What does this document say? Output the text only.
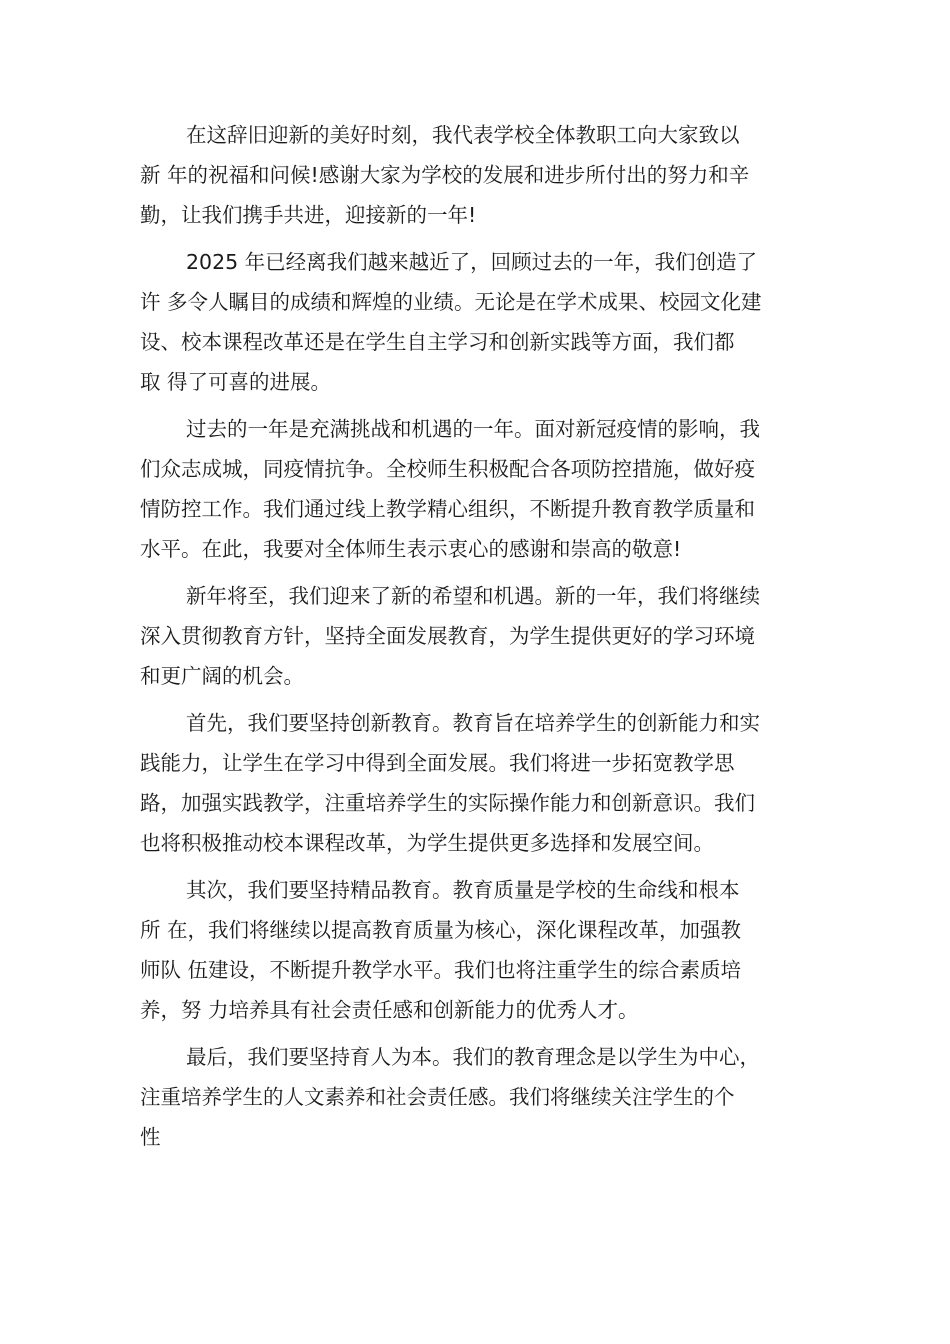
在这辞旧迎新的美好时刻，我代表学校全体教职工向大家致以
新 年的祝福和问候!感谢大家为学校的发展和进步所付出的努力和辛
勤，让我们携手共进，迎接新的一年!
2025 年已经离我们越来越近了，回顾过去的一年，我们创造了
许 多令人瞩目的成绩和辉煌的业绩。无论是在学术成果、校园文化建
设、校本课程改革还是在学生自主学习和创新实践等方面，我们都
取 得了可喜的进展。
过去的一年是充满挑战和机遇的一年。面对新冠疫情的影响，我
们众志成城，同疫情抗争。全校师生积极配合各项防控措施，做好疫
情防控工作。我们通过线上教学精心组织，不断提升教育教学质量和
水平。在此，我要对全体师生表示衷心的感谢和崇高的敬意!
新年将至，我们迎来了新的希望和机遇。新的一年，我们将继续
深入贯彻教育方针，坚持全面发展教育，为学生提供更好的学习环境
和更广阔的机会。
首先，我们要坚持创新教育。教育旨在培养学生的创新能力和实
践能力，让学生在学习中得到全面发展。我们将进一步拓宽教学思
路，加强实践教学，注重培养学生的实际操作能力和创新意识。我们
也将积极推动校本课程改革，为学生提供更多选择和发展空间。
其次，我们要坚持精品教育。教育质量是学校的生命线和根本
所 在，我们将继续以提高教育质量为核心，深化课程改革，加强教
师队 伍建设，不断提升教学水平。我们也将注重学生的综合素质培
养，努 力培养具有社会责任感和创新能力的优秀人才。
最后，我们要坚持育人为本。我们的教育理念是以学生为中心，
注重培养学生的人文素养和社会责任感。我们将继续关注学生的个
性
